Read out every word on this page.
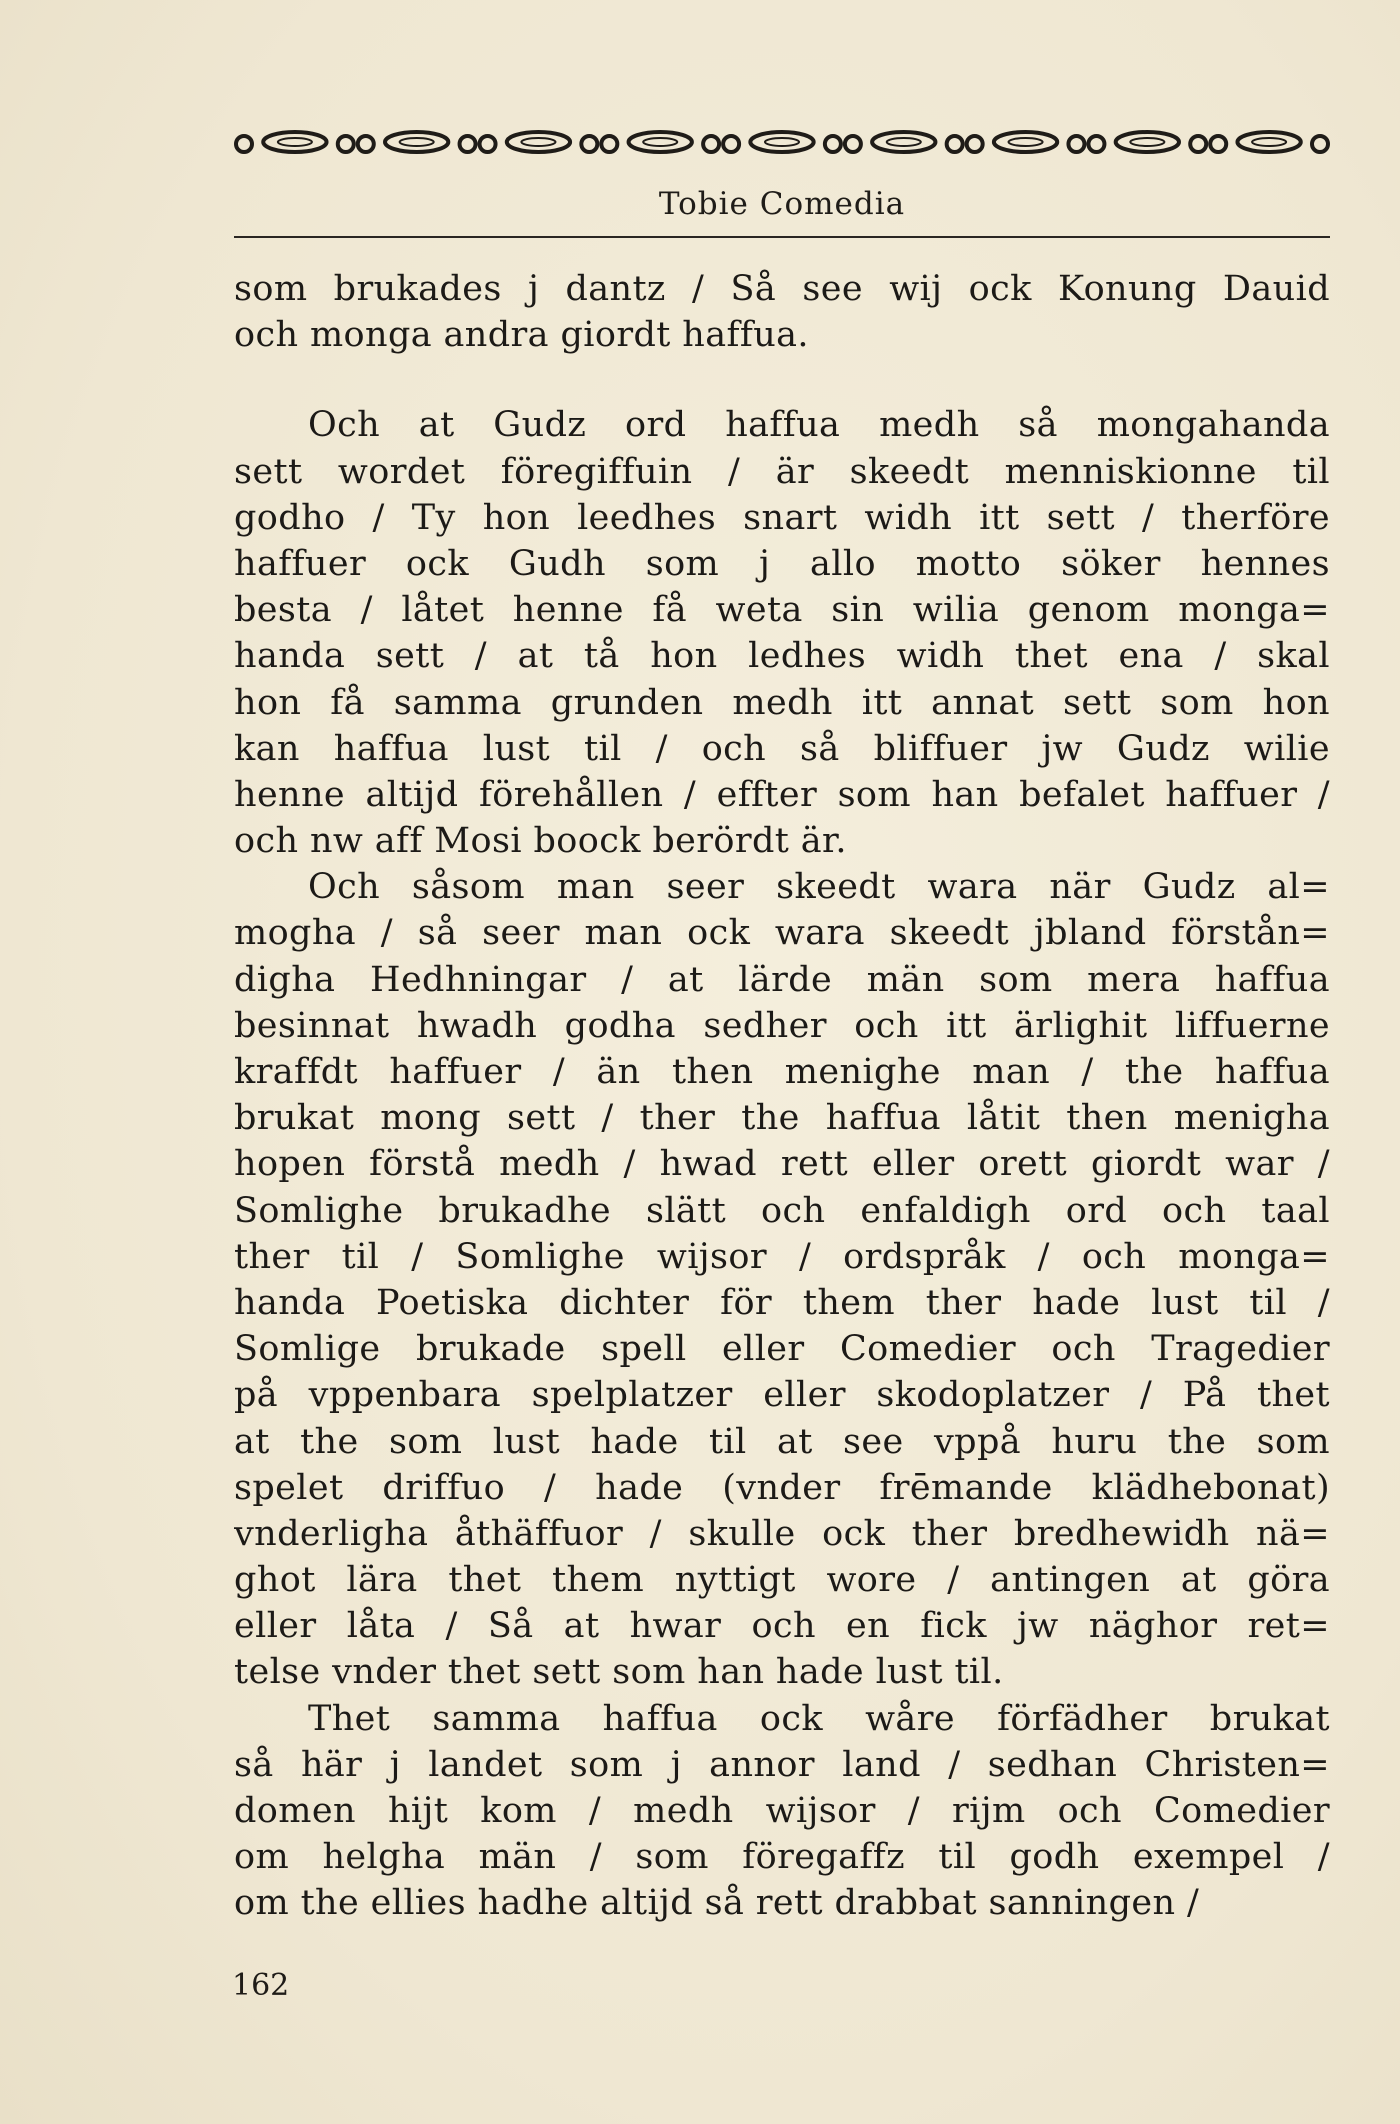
Tobie Comedia
som brukades j dantz / Så see wij ock Konung Dauid
och monga andra giordt haffua.
Och at Gudz ord haffua medh så mongahanda
sett wordet föregiffuin / är skeedt menniskionne til
godho / Ty hon leedhes snart widh itt sett / therföre
haffuer ock Gudh som j allo motto söker hennes
besta / låtet henne få weta sin wilia genom monga=
handa sett / at tå hon ledhes widh thet ena / skal
hon få samma grunden medh itt annat sett som hon
kan haffua lust til / och så bliffuer jw Gudz wilie
henne altijd förehållen / effter som han befalet haffuer /
och nw aff Mosi boock berördt är.
Och såsom man seer skeedt wara när Gudz al=
mogha / så seer man ock wara skeedt jbland förstån=
digha Hedhningar / at lärde män som mera haffua
besinnat hwadh godha sedher och itt ärlighit liffuerne
kraffdt haffuer / än then menighe man / the haffua
brukat mong sett / ther the haffua låtit then menigha
hopen förstå medh / hwad rett eller orett giordt war /
Somlighe brukadhe slätt och enfaldigh ord och taal
ther til / Somlighe wijsor / ordspråk / och monga=
handa Poetiska dichter för them ther hade lust til /
Somlige brukade spell eller Comedier och Tragedier
på vppenbara spelplatzer eller skodoplatzer / På thet
at the som lust hade til at see vppå huru the som
spelet driffuo / hade (vnder frēmande klädhebonat)
vnderligha åthäffuor / skulle ock ther bredhewidh nä=
ghot lära thet them nyttigt wore / antingen at göra
eller låta / Så at hwar och en fick jw näghor ret=
telse vnder thet sett som han hade lust til.
Thet samma haffua ock wåre förfädher brukat
så här j landet som j annor land / sedhan Christen=
domen hijt kom / medh wijsor / rijm och Comedier
om helgha män / som föregaffz til godh exempel /
om the ellies hadhe altijd så rett drabbat sanningen /
162
